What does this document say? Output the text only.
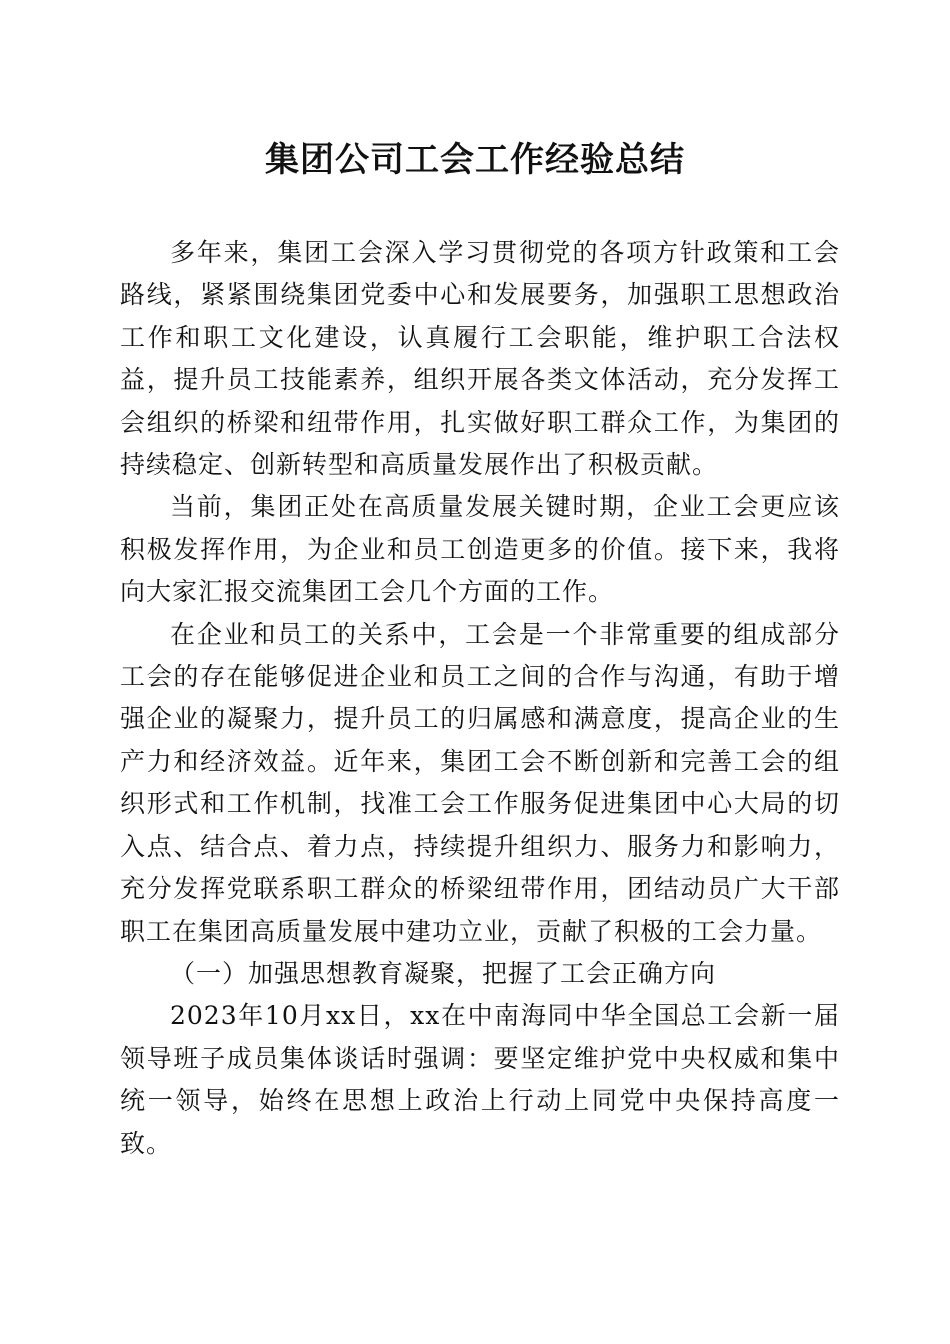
集团公司工会工作经验总结

多年来，集团工会深入学习贯彻党的各项方针政策和工会路线，紧紧围绕集团党委中心和发展要务，加强职工思想政治工作和职工文化建设，认真履行工会职能，维护职工合法权益，提升员工技能素养，组织开展各类文体活动，充分发挥工会组织的桥梁和纽带作用，扎实做好职工群众工作，为集团的持续稳定、创新转型和高质量发展作出了积极贡献。

当前，集团正处在高质量发展关键时期，企业工会更应该积极发挥作用，为企业和员工创造更多的价值。接下来，我将向大家汇报交流集团工会几个方面的工作。

在企业和员工的关系中，工会是一个非常重要的组成部分工会的存在能够促进企业和员工之间的合作与沟通，有助于增强企业的凝聚力，提升员工的归属感和满意度，提高企业的生产力和经济效益。近年来，集团工会不断创新和完善工会的组织形式和工作机制，找准工会工作服务促进集团中心大局的切入点、结合点、着力点，持续提升组织力、服务力和影响力，充分发挥党联系职工群众的桥梁纽带作用，团结动员广大干部职工在集团高质量发展中建功立业，贡献了积极的工会力量。

（一）加强思想教育凝聚，把握了工会正确方向

2023年10月xx日，xx在中南海同中华全国总工会新一届领导班子成员集体谈话时强调：要坚定维护党中央权威和集中统一领导，始终在思想上政治上行动上同党中央保持高度一致。
